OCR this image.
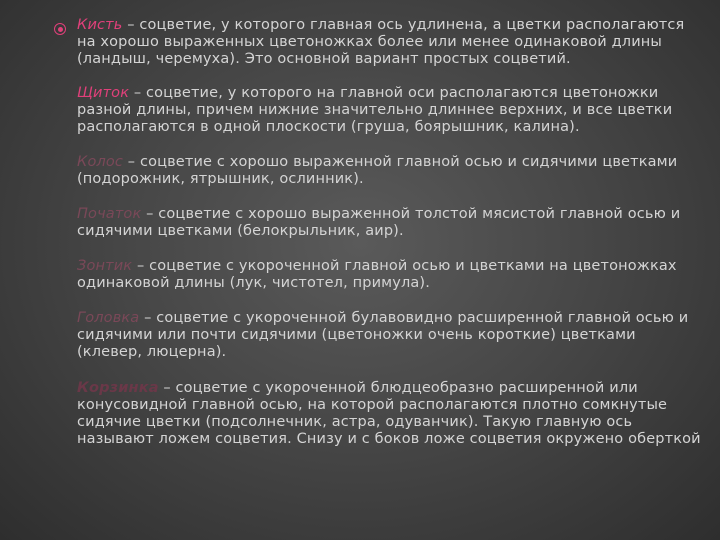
Кисть – соцветие, у которого главная ось удлинена, а цветки располагаются на хорошо выраженных цветоножках более или менее одинаковой длины (ландыш, черемуха). Это основной вариант простых соцветий.

Щиток – соцветие, у которого на главной оси располагаются цветоножки разной длины, причем нижние значительно длиннее верхних, и все цветки располагаются в одной плоскости (груша, боярышник, калина).

Колос – соцветие с хорошо выраженной главной осью и сидячими цветками (подорожник, ятрышник, ослинник).

Початок – соцветие с хорошо выраженной толстой мясистой главной осью и сидячими цветками (белокрыльник, аир).

Зонтик – соцветие с укороченной главной осью и цветками на цветоножках одинаковой длины (лук, чистотел, примула).

Головка – соцветие с укороченной булавовидно расширенной главной осью и сидячими или почти сидячими (цветоножки очень короткие) цветками (клевер, люцерна).

Корзинка – соцветие с укороченной блюдцеобразно расширенной или конусовидной главной осью, на которой располагаются плотно сомкнутые сидячие цветки (подсолнечник, астра, одуванчик). Такую главную ось называют ложем соцветия. Снизу и с боков ложе соцветия окружено оберткой
